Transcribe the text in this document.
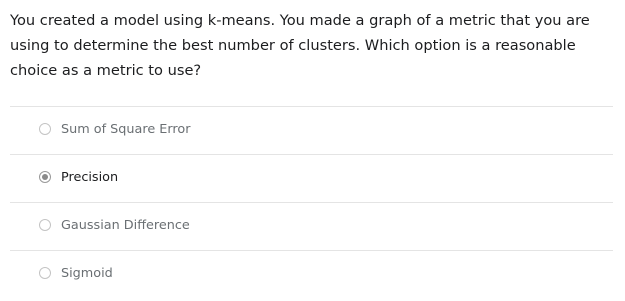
You created a model using k-means. You made a graph of a metric that you are using to determine the best number of clusters. Which option is a reasonable choice as a metric to use?
Sum of Square Error
Precision
Gaussian Difference
Sigmoid
